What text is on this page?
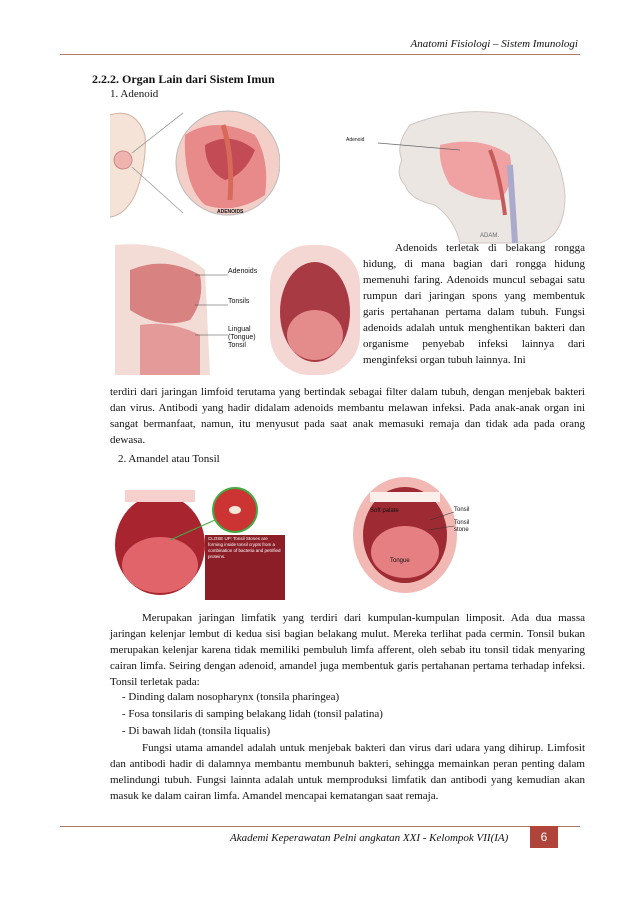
Anatomi Fisiologi – Sistem Imunologi
2.2.2. Organ Lain dari Sistem Imun
1. Adenoid
ADENOIDS
Adenoid
ADAM.
Adenoids
Tonsils
Lingual (Tongue) Tonsil
Adenoids terletak di belakang rongga hidung, di mana bagian dari rongga hidung memenuhi faring. Adenoids muncul sebagai satu rumpun dari jaringan spons yang membentuk garis pertahanan pertama dalam tubuh. Fungsi adenoids adalah untuk menghentikan bakteri dan organisme penyebab infeksi lainnya dari menginfeksi organ tubuh lainnya. Ini
terdiri dari jaringan limfoid terutama yang bertindak sebagai filter dalam tubuh, dengan menjebak bakteri dan virus. Antibodi yang hadir didalam adenoids membantu melawan infeksi. Pada anak-anak organ ini sangat bermanfaat, namun, itu menyusut pada saat anak memasuki remaja dan tidak ada pada orang dewasa.
2. Amandel atau Tonsil
CLOSE UP: Tonsil Stones are forming inside tonsil crypts from a combination of bacteria and petrified proteins.
Soft palate	Tonsil
Tonsil stone
Tongue
Merupakan jaringan limfatik yang terdiri dari kumpulan-kumpulan limposit. Ada dua massa jaringan kelenjar lembut di kedua sisi bagian belakang mulut. Mereka terlihat pada cermin. Tonsil bukan merupakan kelenjar karena tidak memiliki pembuluh limfa afferent, oleh sebab itu tonsil tidak menyaring cairan limfa. Seiring dengan adenoid, amandel juga membentuk garis pertahanan pertama terhadap infeksi. Tonsil terletak pada:
- Dinding dalam nosopharynx (tonsila pharingea)
- Fosa tonsilaris di samping belakang lidah (tonsil palatina)
- Di bawah lidah (tonsila liqualis)
Fungsi utama amandel adalah untuk menjebak bakteri dan virus dari udara yang dihirup. Limfosit dan antibodi hadir di dalamnya membantu membunuh bakteri, sehingga memainkan peran penting dalam melindungi tubuh. Fungsi lainnta adalah untuk memproduksi limfatik dan antibodi yang kemudian akan masuk ke dalam cairan limfa. Amandel mencapai kematangan saat remaja.
Akademi Keperawatan Pelni angkatan XXI - Kelompok VII(IA)	6
